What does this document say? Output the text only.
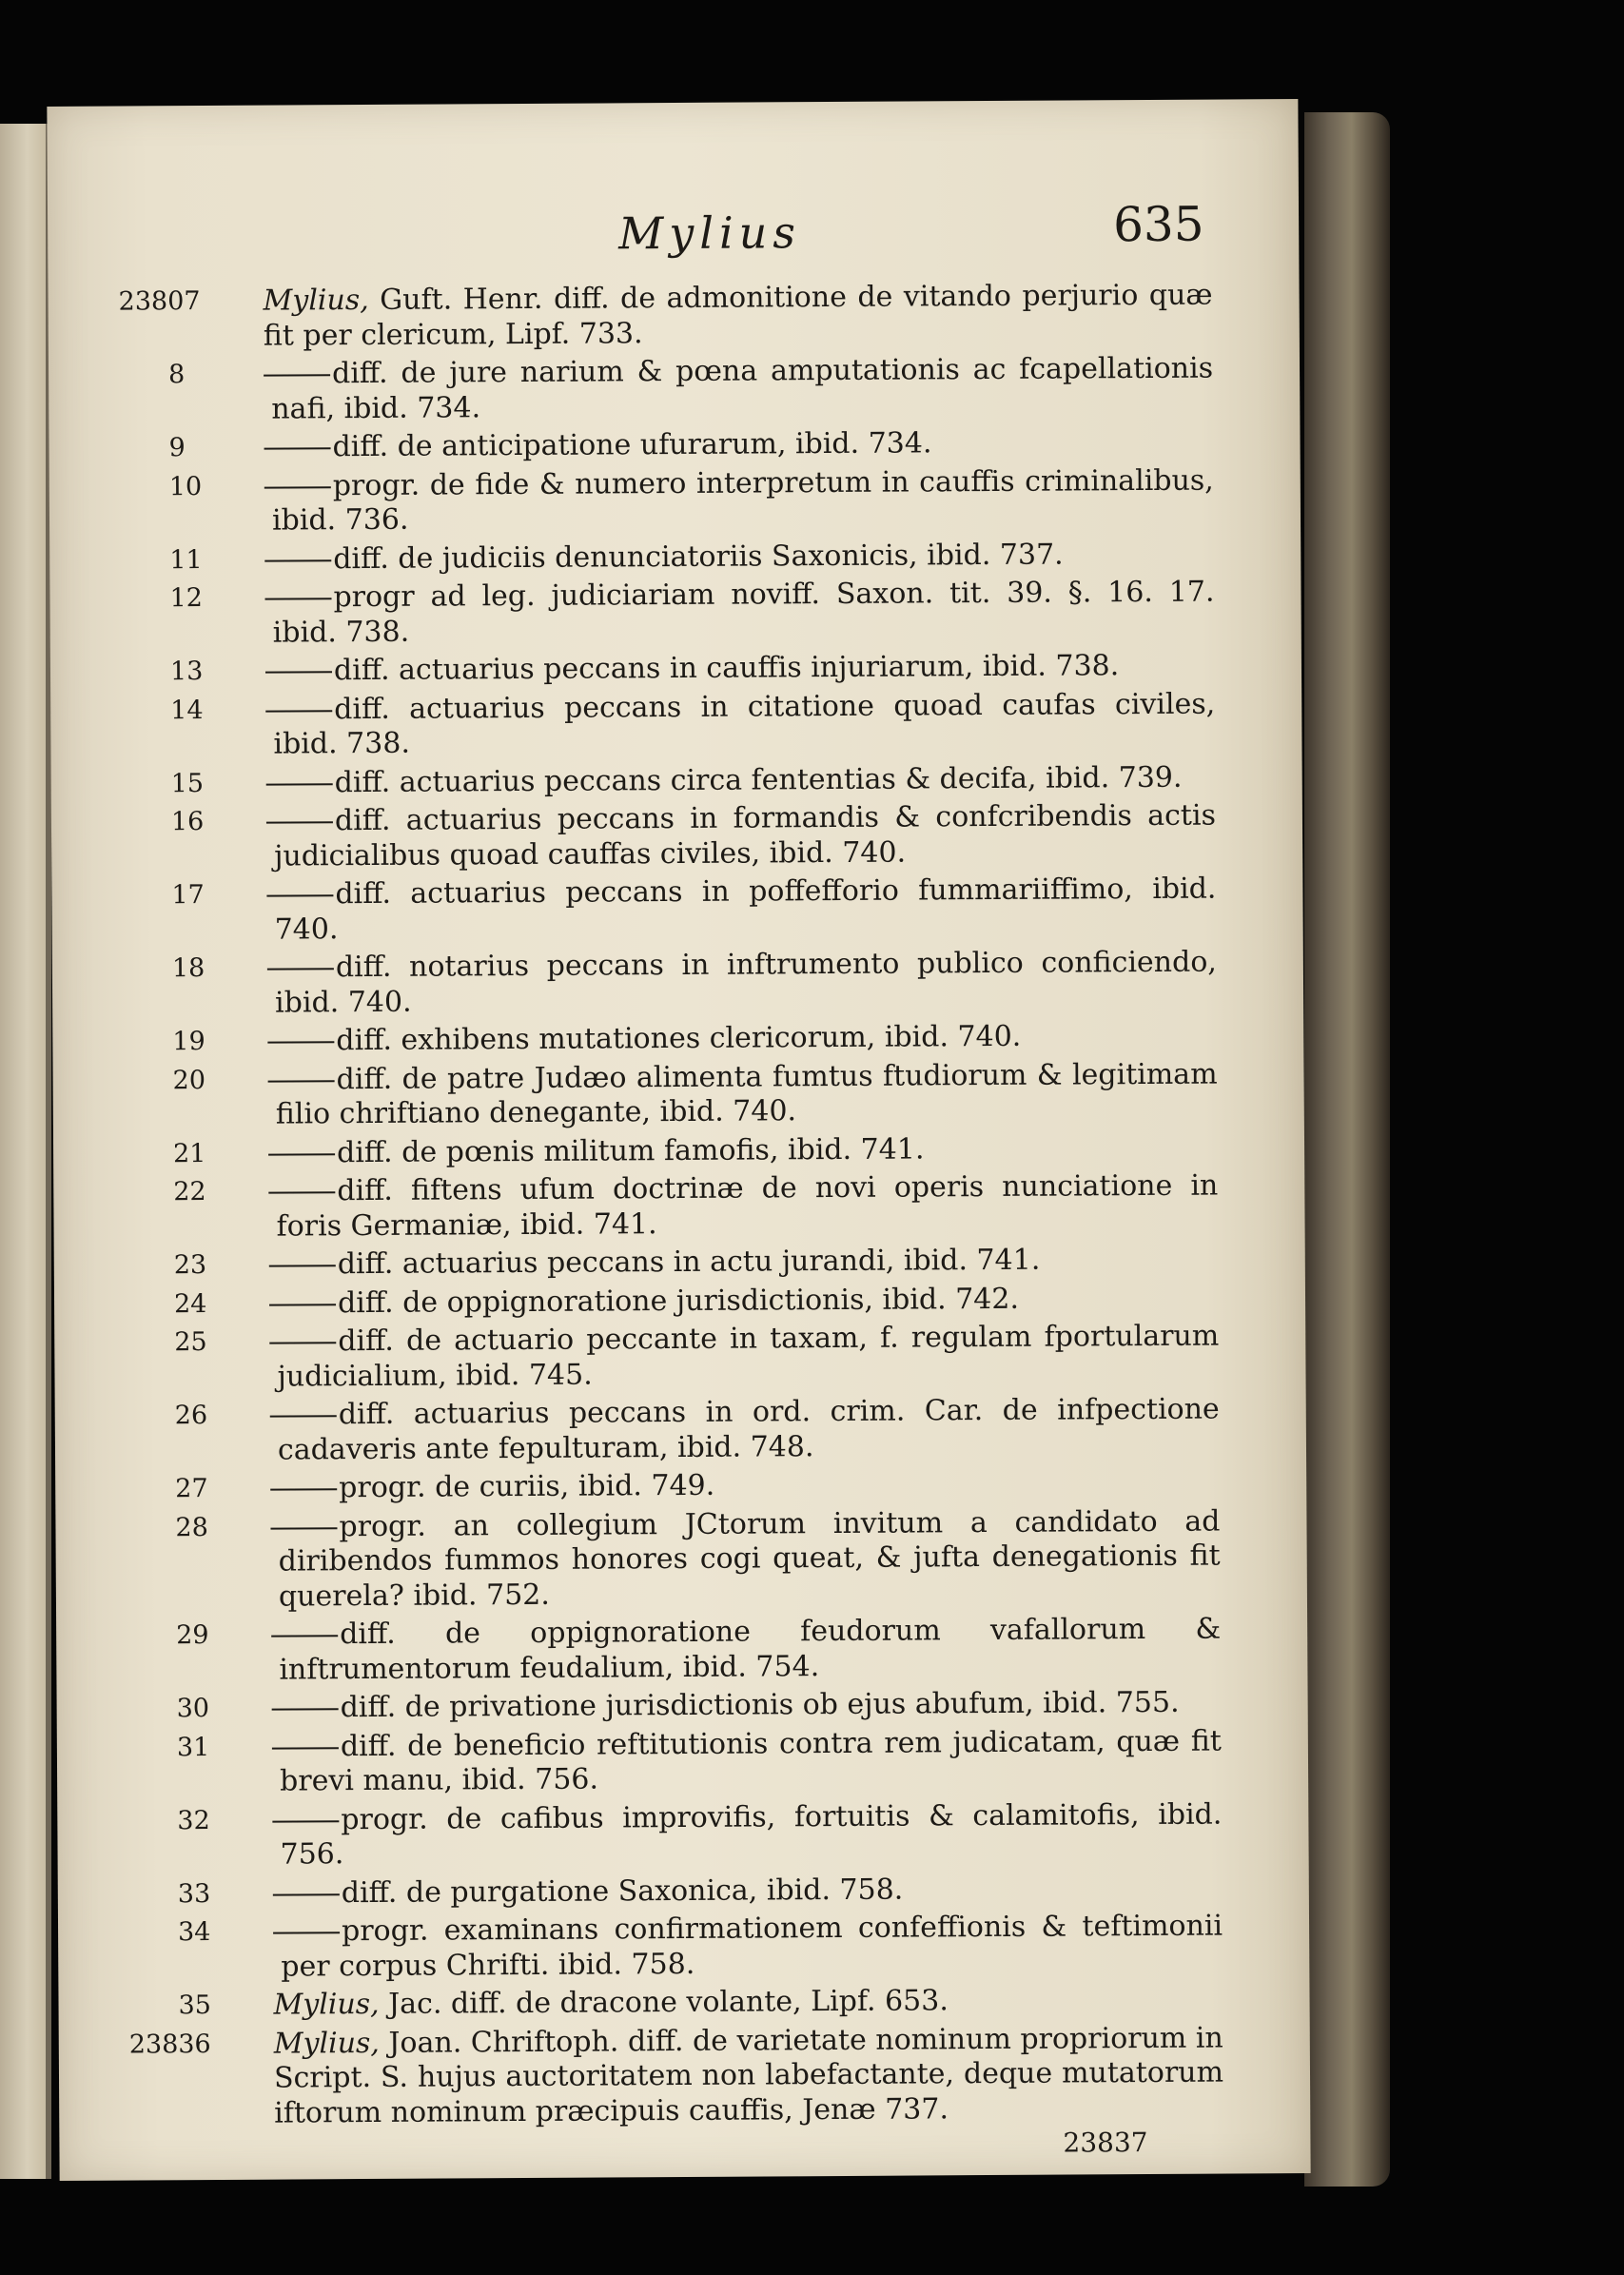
Mylius	635
23807	Mylius, Guft. Henr. diff. de admonitione de vitando perjurio quæ fit per clericum, Lipf. 733.
8	diff. de jure narium & pœna amputationis ac fcapellationis nafi, ibid. 734.
9	diff. de anticipatione ufurarum, ibid. 734.
10	progr. de fide & numero interpretum in cauffis criminalibus, ibid. 736.
11	diff. de judiciis denunciatoriis Saxonicis, ibid. 737.
12	progr ad leg. judiciariam noviff. Saxon. tit. 39. §. 16. 17. ibid. 738.
13	diff. actuarius peccans in cauffis injuriarum, ibid. 738.
14	diff. actuarius peccans in citatione quoad caufas civiles, ibid. 738.
15	diff. actuarius peccans circa fententias & decifa, ibid. 739.
16	diff. actuarius peccans in formandis & confcribendis actis judicialibus quoad cauffas civiles, ibid. 740.
17	diff. actuarius peccans in poffefforio fummariiffimo, ibid. 740.
18	diff. notarius peccans in inftrumento publico conficiendo, ibid. 740.
19	diff. exhibens mutationes clericorum, ibid. 740.
20	diff. de patre Judæo alimenta fumtus ftudiorum & legitimam filio chriftiano denegante, ibid. 740.
21	diff. de pœnis militum famofis, ibid. 741.
22	diff. fiftens ufum doctrinæ de novi operis nunciatione in foris Germaniæ, ibid. 741.
23	diff. actuarius peccans in actu jurandi, ibid. 741.
24	diff. de oppignoratione jurisdictionis, ibid. 742.
25	diff. de actuario peccante in taxam, f. regulam fportularum judicialium, ibid. 745.
26	diff. actuarius peccans in ord. crim. Car. de infpectione cadaveris ante fepulturam, ibid. 748.
27	progr. de curiis, ibid. 749.
28	progr. an collegium JCtorum invitum a candidato ad diribendos fummos honores cogi queat, & jufta denegationis fit querela? ibid. 752.
29	diff. de oppignoratione feudorum vafallorum & inftrumentorum feudalium, ibid. 754.
30	diff. de privatione jurisdictionis ob ejus abufum, ibid. 755.
31	diff. de beneficio reftitutionis contra rem judicatam, quæ fit brevi manu, ibid. 756.
32	progr. de cafibus improvifis, fortuitis & calamitofis, ibid. 756.
33	diff. de purgatione Saxonica, ibid. 758.
34	progr. examinans confirmationem confeffionis & teftimonii per corpus Chrifti. ibid. 758.
35	Mylius, Jac. diff. de dracone volante, Lipf. 653.
23836	Mylius, Joan. Chriftoph. diff. de varietate nominum propriorum in Script. S. hujus auctoritatem non labefactante, deque mutatorum iftorum nominum præcipuis cauffis, Jenæ 737.
23837
